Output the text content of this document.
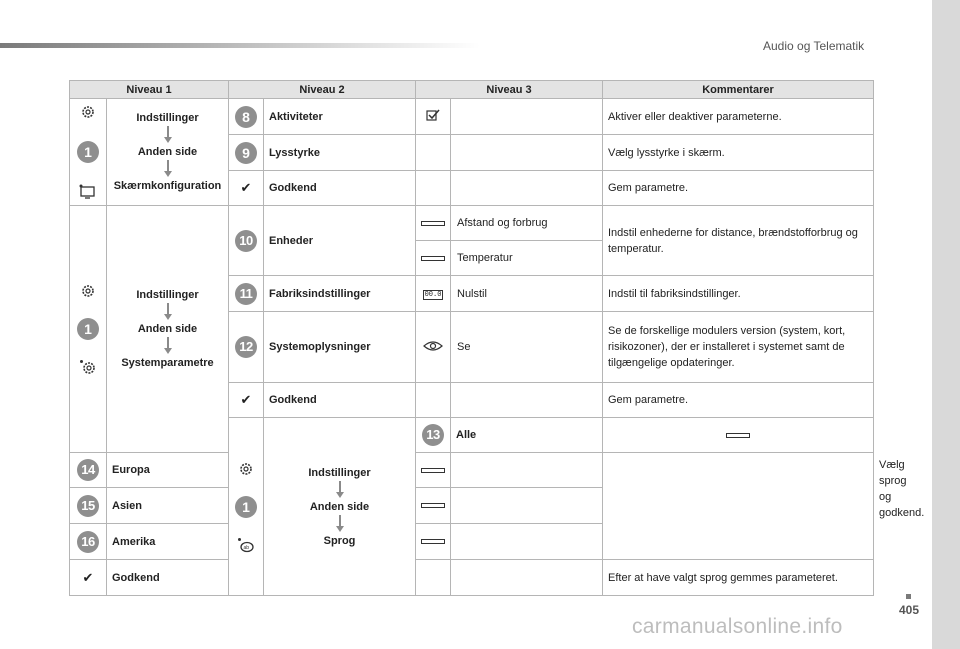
Audio og Telematik
Niveau 1		Niveau 2		Niveau 3		Kommentarer	

1	Indstillinger
Anden side
Skærmkonfiguration	8	Aktiviteter			Aktiver eller deaktiver parameterne.	
		9	Lysstyrke			Vælg lysstyrke i skærm.	
		✔	Godkend			Gem parametre.	

1	Indstillinger
Anden side
Systemparametre	10	Enheder		Afstand og forbrug	Indstil enhederne for distance, brændstofforbrug og temperatur.	
					Temperatur		
		11	Fabriksindstillinger	00.0	Nulstil	Indstil til fabriksindstillinger.	
		12	Systemoplysninger		Se	Se de forskellige modulers version (system, kort, risikozoner), der er installeret i systemet samt de tilgængelige opdateringer.	
		✔	Godkend			Gem parametre.	

		1
ab	Indstillinger
Anden side
Sprog	13	Alle			Vælg sprog og godkend.
14	Europa						
15	Asien						
16	Amerika						
✔	Godkend					Efter at have valgt sprog gemmes parameteret.	
405
carmanualsonline.info
